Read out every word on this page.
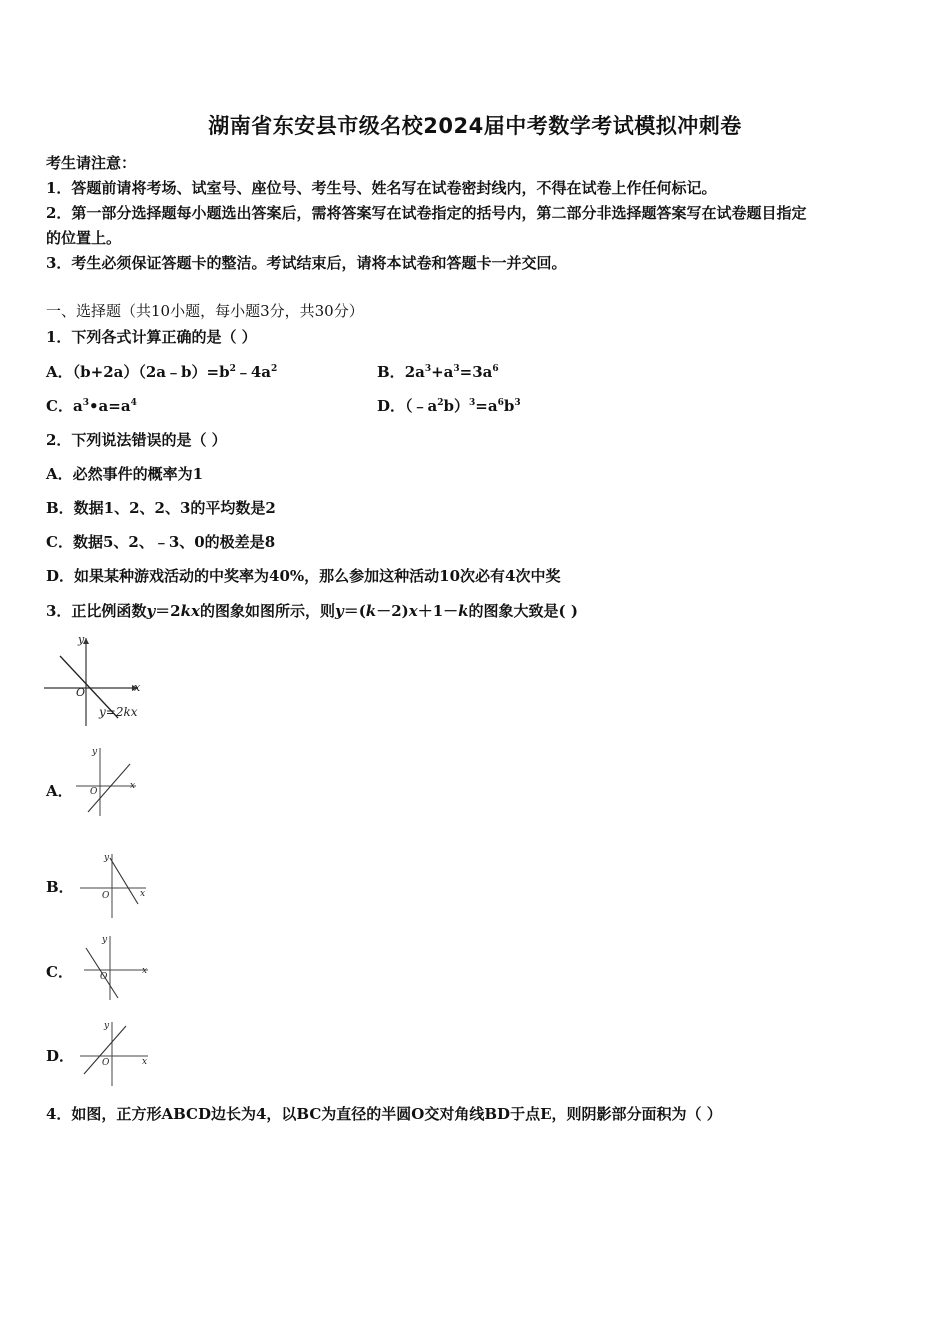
湖南省东安县市级名校2024届中考数学考试模拟冲刺卷
考生请注意：
1．答题前请将考场、试室号、座位号、考生号、姓名写在试卷密封线内，不得在试卷上作任何标记。
2．第一部分选择题每小题选出答案后，需将答案写在试卷指定的括号内，第二部分非选择题答案写在试卷题目指定
的位置上。
3．考生必须保证答题卡的整洁。考试结束后，请将本试卷和答题卡一并交回。
一、选择题（共10小题，每小题3分，共30分）
1．下列各式计算正确的是（ ）
A．$(b+2a)(2a﹣b)=b^2﹣4a^2$	B．$2a^3+a^3=3a^6$
C．$a^3•a=a^4$	D．$(﹣a^2b)^3=a^6b^3$
2．下列说法错误的是（ ）
A．必然事件的概率为1
B．数据1、2、2、3的平均数是2
C．数据5、2、﹣3、0的极差是8
D．如果某种游戏活动的中奖率为40%，那么参加这种活动10次必有4次中奖
3．正比例函数y＝2kx的图象如图所示，则y＝(k－2)x＋1－k的图象大致是( )
y
x
O
y=2kx
A．
y
x
O
B．
y
x
O
C．
y
x
O
D．
y
x
O
4．如图，正方形ABCD边长为4，以BC为直径的半圆O交对角线BD于点E，则阴影部分面积为（ ）
